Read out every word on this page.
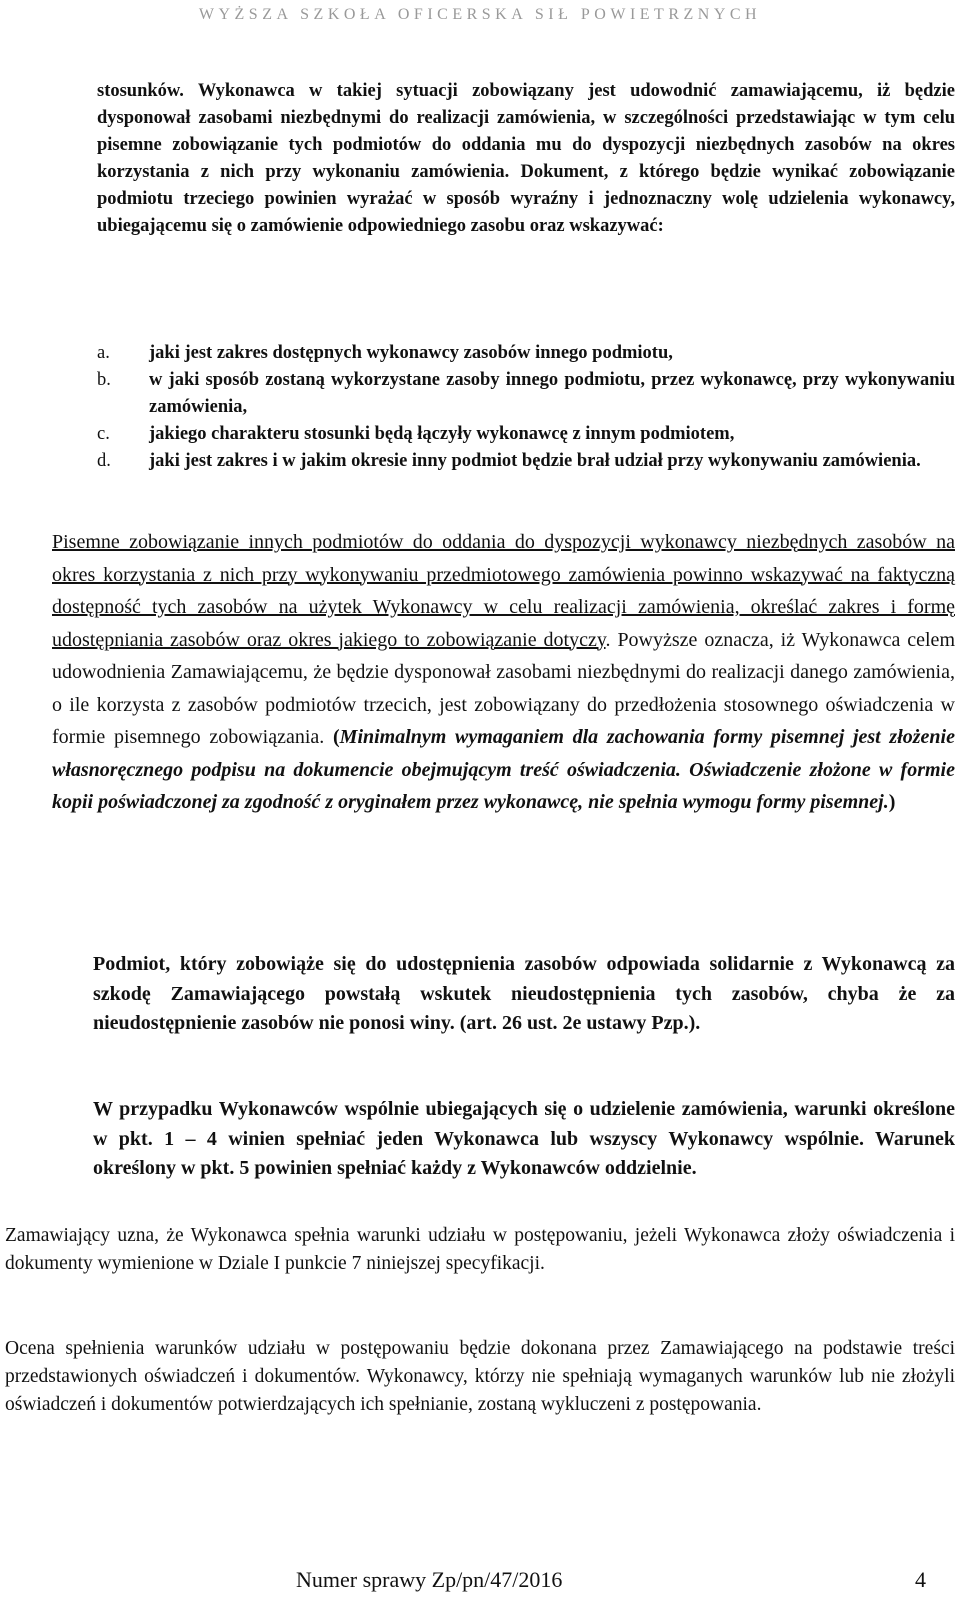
WYŻSZA SZKOŁA OFICERSKA SIŁ POWIETRZNYCH

stosunków. Wykonawca w takiej sytuacji zobowiązany jest udowodnić zamawiającemu, iż będzie dysponował zasobami niezbędnymi do realizacji zamówienia, w szczególności przedstawiając w tym celu pisemne zobowiązanie tych podmiotów do oddania mu do dyspozycji niezbędnych zasobów na okres korzystania z nich przy wykonaniu zamówienia. Dokument, z którego będzie wynikać zobowiązanie podmiotu trzeciego powinien wyrażać w sposób wyraźny i jednoznaczny wolę udzielenia wykonawcy, ubiegającemu się o zamówienie odpowiedniego zasobu oraz wskazywać:

a.	jaki jest zakres dostępnych wykonawcy zasobów innego podmiotu,
b.	w jaki sposób zostaną wykorzystane zasoby innego podmiotu, przez wykonawcę, przy wykonywaniu zamówienia,
c.	jakiego charakteru stosunki będą łączyły wykonawcę z innym podmiotem,
d.	jaki jest zakres i w jakim okresie inny podmiot będzie brał udział przy wykonywaniu zamówienia.

Pisemne zobowiązanie innych podmiotów do oddania do dyspozycji wykonawcy niezbędnych zasobów na okres korzystania z nich przy wykonywaniu przedmiotowego zamówienia powinno wskazywać na faktyczną dostępność tych zasobów na użytek Wykonawcy w celu realizacji zamówienia, określać zakres i formę udostępniania zasobów oraz okres jakiego to zobowiązanie dotyczy. Powyższe oznacza, iż Wykonawca celem udowodnienia Zamawiającemu, że będzie dysponował zasobami niezbędnymi do realizacji danego zamówienia, o ile korzysta z zasobów podmiotów trzecich, jest zobowiązany do przedłożenia stosownego oświadczenia w formie pisemnego zobowiązania. (Minimalnym wymaganiem dla zachowania formy pisemnej jest złożenie własnoręcznego podpisu na dokumencie obejmującym treść oświadczenia. Oświadczenie złożone w formie kopii poświadczonej za zgodność z oryginałem przez wykonawcę, nie spełnia wymogu formy pisemnej.)

Podmiot, który zobowiąże się do udostępnienia zasobów odpowiada solidarnie z Wykonawcą za szkodę Zamawiającego powstałą wskutek nieudostępnienia tych zasobów, chyba że za nieudostępnienie zasobów nie ponosi winy. (art. 26 ust. 2e ustawy Pzp.).

W przypadku Wykonawców wspólnie ubiegających się o udzielenie zamówienia, warunki określone w pkt. 1 – 4 winien spełniać jeden Wykonawca lub wszyscy Wykonawcy wspólnie. Warunek określony w pkt. 5 powinien spełniać każdy z Wykonawców oddzielnie.

Zamawiający uzna, że Wykonawca spełnia warunki udziału w postępowaniu, jeżeli Wykonawca złoży oświadczenia i dokumenty wymienione w Dziale I punkcie 7 niniejszej specyfikacji.

Ocena spełnienia warunków udziału w postępowaniu będzie dokonana przez Zamawiającego na podstawie treści przedstawionych oświadczeń i dokumentów. Wykonawcy, którzy nie spełniają wymaganych warunków lub nie złożyli oświadczeń i dokumentów potwierdzających ich spełnianie, zostaną wykluczeni z postępowania.

Numer sprawy Zp/pn/47/2016	4
